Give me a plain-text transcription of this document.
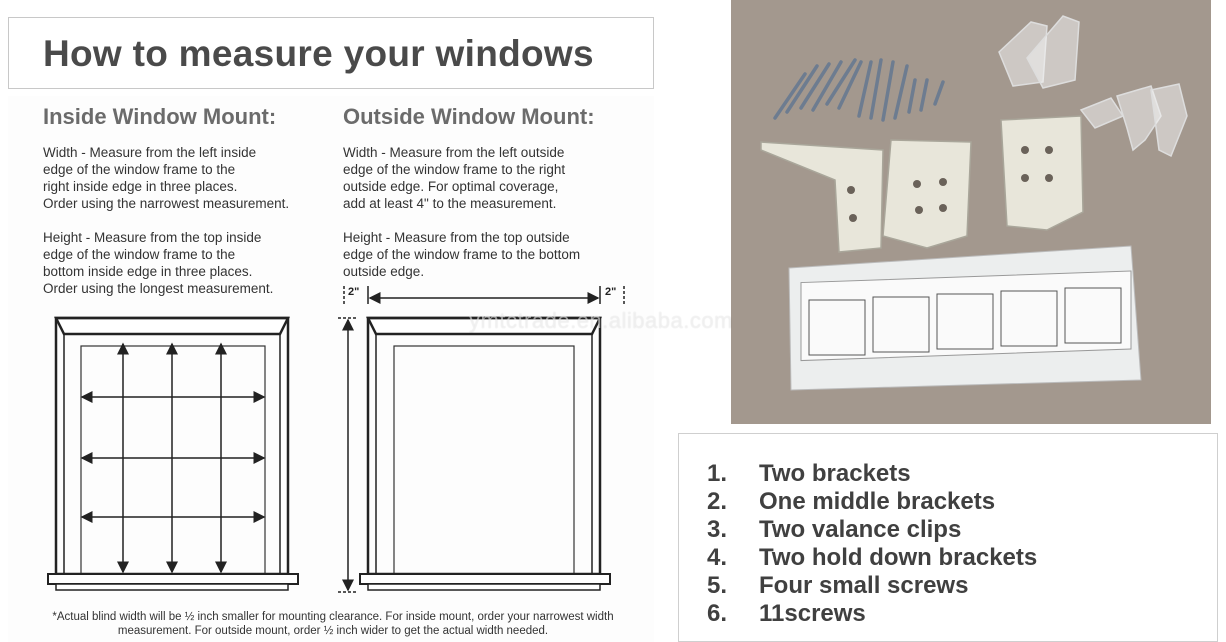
How to measure your windows
Inside Window Mount:

Width - Measure from the left inside
edge of the window frame to the
right inside edge in three places.
Order using the narrowest measurement.

Height - Measure from the top inside
edge of the window frame to the
bottom inside edge in three places.
Order using the longest measurement.

Outside Window Mount:

Width - Measure from the left outside
edge of the window frame to the right
outside edge. For optimal coverage,
add at least 4" to the measurement.

Height - Measure from the top outside
edge of the window frame to the bottom
outside edge.

2"	2"
*Actual blind width will be ½ inch smaller for mounting clearance. For inside mount, order your narrowest width measurement. For outside mount, order ½ inch wider to get the actual width needed.
ymtctrade.en.alibaba.com
1. Two brackets
2. One middle brackets
3. Two valance clips
4. Two hold down brackets
5. Four small screws
6. 11screws
